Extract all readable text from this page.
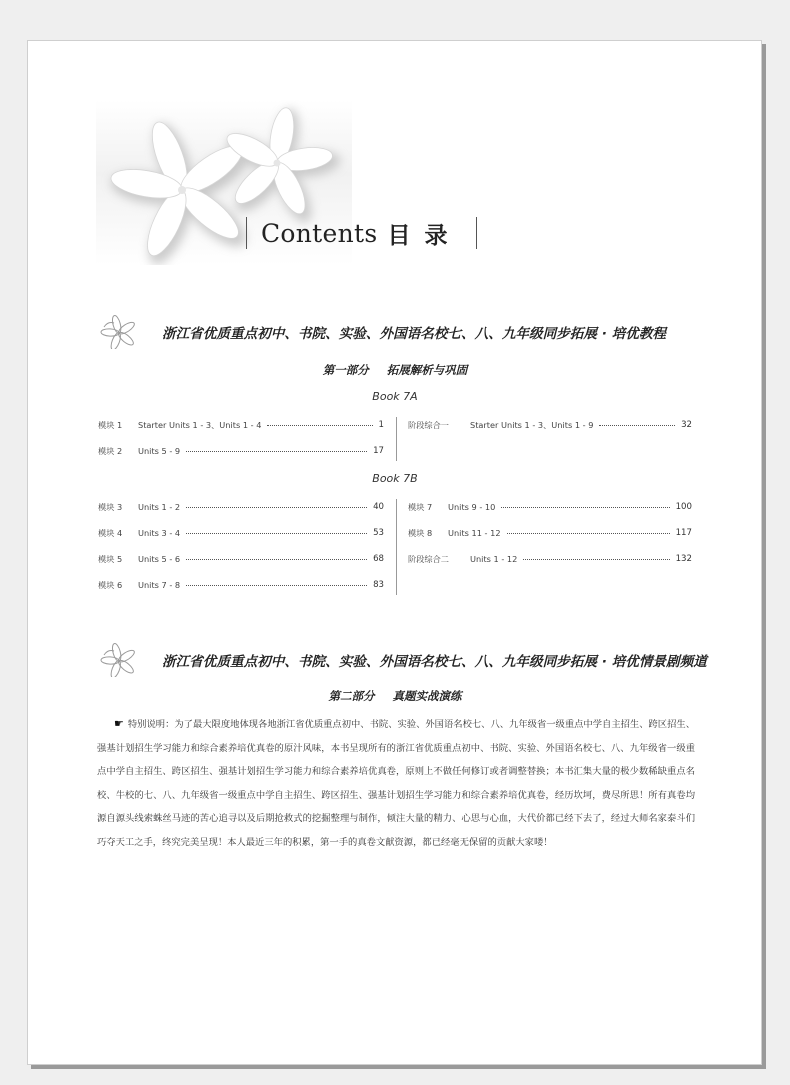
Contents 目录
浙江省优质重点初中、书院、实验、外国语名校七、八、九年级同步拓展 · 培优教程
第一部分 拓展解析与巩固
Book 7A
模块 1	Starter Units 1 - 3、Units 1 - 4	1
模块 2	Units 5 - 9	17
阶段综合一	Starter Units 1 - 3、Units 1 - 9	32
Book 7B
模块 3	Units 1 - 2	40
模块 4	Units 3 - 4	53
模块 5	Units 5 - 6	68
模块 6	Units 7 - 8	83
模块 7	Units 9 - 10	100
模块 8	Units 11 - 12	117
阶段综合二	Units 1 - 12	132
浙江省优质重点初中、书院、实验、外国语名校七、八、九年级同步拓展 · 培优情景剧频道
第二部分 真题实战演练
☛ 特别说明：为了最大限度地体现各地浙江省优质重点初中、书院、实验、外国语名校七、八、九年级省一级重点中学自主招生、跨区招生、强基计划招生学习能力和综合素养培优真卷的原汁风味，本书呈现所有的浙江省优质重点初中、书院、实验、外国语名校七、八、九年级省一级重点中学自主招生、跨区招生、强基计划招生学习能力和综合素养培优真卷，原则上不做任何修订或者调整替换；本书汇集大量的极少数稀缺重点名校、牛校的七、八、九年级省一级重点中学自主招生、跨区招生、强基计划招生学习能力和综合素养培优真卷，经历坎坷，费尽所思！所有真卷均源自源头线索蛛丝马迹的苦心追寻以及后期抢救式的挖掘整理与制作，倾注大量的精力、心思与心血，大代价都已经下去了，经过大师名家泰斗们巧夺天工之手，终究完美呈现！本人最近三年的积累，第一手的真卷文献资源，都已经毫无保留的贡献大家喽！
